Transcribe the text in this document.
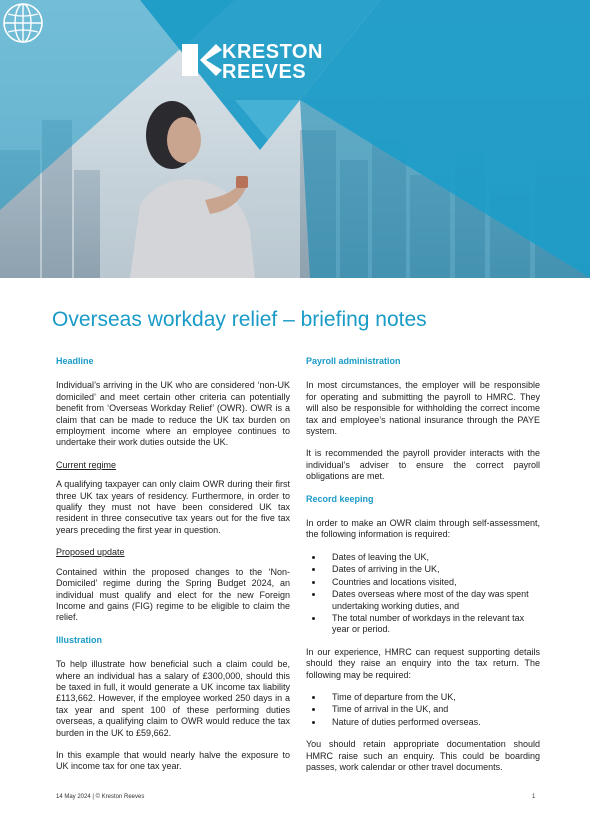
KRESTON
REEVES
Overseas workday relief – briefing notes
Headline

Individual’s arriving in the UK who are considered ‘non-UK domiciled’ and meet certain other criteria can potentially benefit from ‘Overseas Workday Relief’ (OWR). OWR is a claim that can be made to reduce the UK tax burden on employment income where an employee continues to undertake their work duties outside the UK.

Current regime

A qualifying taxpayer can only claim OWR during their first three UK tax years of residency. Furthermore, in order to qualify they must not have been considered UK tax resident in three consecutive tax years out for the five tax years preceding the first year in question.

Proposed update

Contained within the proposed changes to the ‘Non-Domiciled’ regime during the Spring Budget 2024, an individual must qualify and elect for the new Foreign Income and gains (FIG) regime to be eligible to claim the relief.

Illustration

To help illustrate how beneficial such a claim could be, where an individual has a salary of £300,000, should this be taxed in full, it would generate a UK income tax liability £113,662. However, if the employee worked 250 days in a tax year and spent 100 of these performing duties overseas, a qualifying claim to OWR would reduce the tax burden in the UK to £59,662.

In this example that would nearly halve the exposure to UK income tax for one tax year.

Payroll administration

In most circumstances, the employer will be responsible for operating and submitting the payroll to HMRC. They will also be responsible for withholding the correct income tax and employee’s national insurance through the PAYE system.

It is recommended the payroll provider interacts with the individual’s adviser to ensure the correct payroll obligations are met.

Record keeping

In order to make an OWR claim through self-assessment, the following information is required:

• Dates of leaving the UK,
• Dates of arriving in the UK,
• Countries and locations visited,
• Dates overseas where most of the day was spent undertaking working duties, and
• The total number of workdays in the relevant tax year or period.

In our experience, HMRC can request supporting details should they raise an enquiry into the tax return. The following may be required:

• Time of departure from the UK,
• Time of arrival in the UK, and
• Nature of duties performed overseas.

You should retain appropriate documentation should HMRC raise such an enquiry. This could be boarding passes, work calendar or other travel documents.

14 May 2024 | © Kreston Reeves	1
